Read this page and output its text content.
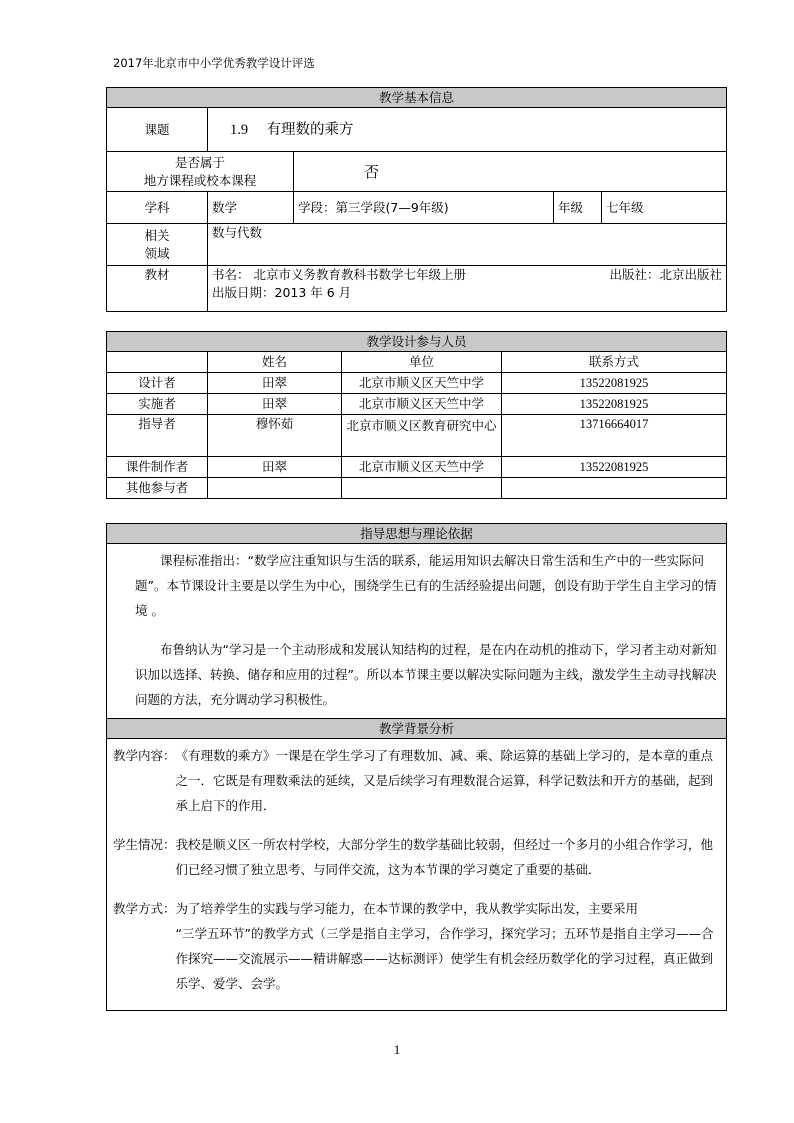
2017年北京市中小学优秀教学设计评选
教学基本信息				
课题	1.9 有理数的乘方			

是否属于
地方课程或校本课程		否		
学科	数学	学段：第三学段(7—9年级)	年级	七年级

相关
领域	数与代数			
教材	书名： 北京市义务教育教科书数学七年级上册 出版社：北京出版社
出版日期：2013 年 6 月			
教学设计参与人员			
	姓名	单位	联系方式
设计者	田翠	北京市顺义区天竺中学	13522081925
实施者	田翠	北京市顺义区天竺中学	13522081925
指导者	穆怀茹	北京市顺义区教育研究中心	13716664017
课件制作者	田翠	北京市顺义区天竺中学	13522081925
其他参与者			
指导思想与理论依据

课程标准指出：“数学应注重知识与生活的联系，能运用知识去解决日常生活和生产中的一些实际问题”。本节课设计主要是以学生为中心，围绕学生已有的生活经验提出问题，创设有助于学生自主学习的情境 。

布鲁纳认为“学习是一个主动形成和发展认知结构的过程，是在内在动机的推动下，学习者主动对新知识加以选择、转换、储存和应用的过程”。所以本节课主要以解决实际问题为主线，激发学生主动寻找解决问题的方法，充分调动学习积极性。

教学背景分析

教学内容： 《有理数的乘方》一课是在学生学习了有理数加、减、乘、除运算的基础上学习的，是本章的重点之一．它既是有理数乘法的延续，又是后续学习有理数混合运算，科学记数法和开方的基础，起到承上启下的作用．
学生情况： 我校是顺义区一所农村学校，大部分学生的数学基础比较弱，但经过一个多月的小组合作学习，他们已经习惯了独立思考、与同伴交流，这为本节课的学习奠定了重要的基础．
教学方式： 为了培养学生的实践与学习能力，在本节课的教学中，我从教学实际出发，主要采用
“三学五环节”的教学方式（三学是指自主学习，合作学习，探究学习；五环节是指自主学习——合作探究——交流展示——精讲解惑——达标测评）使学生有机会经历数学化的学习过程，真正做到乐学、爱学、会学。
1
